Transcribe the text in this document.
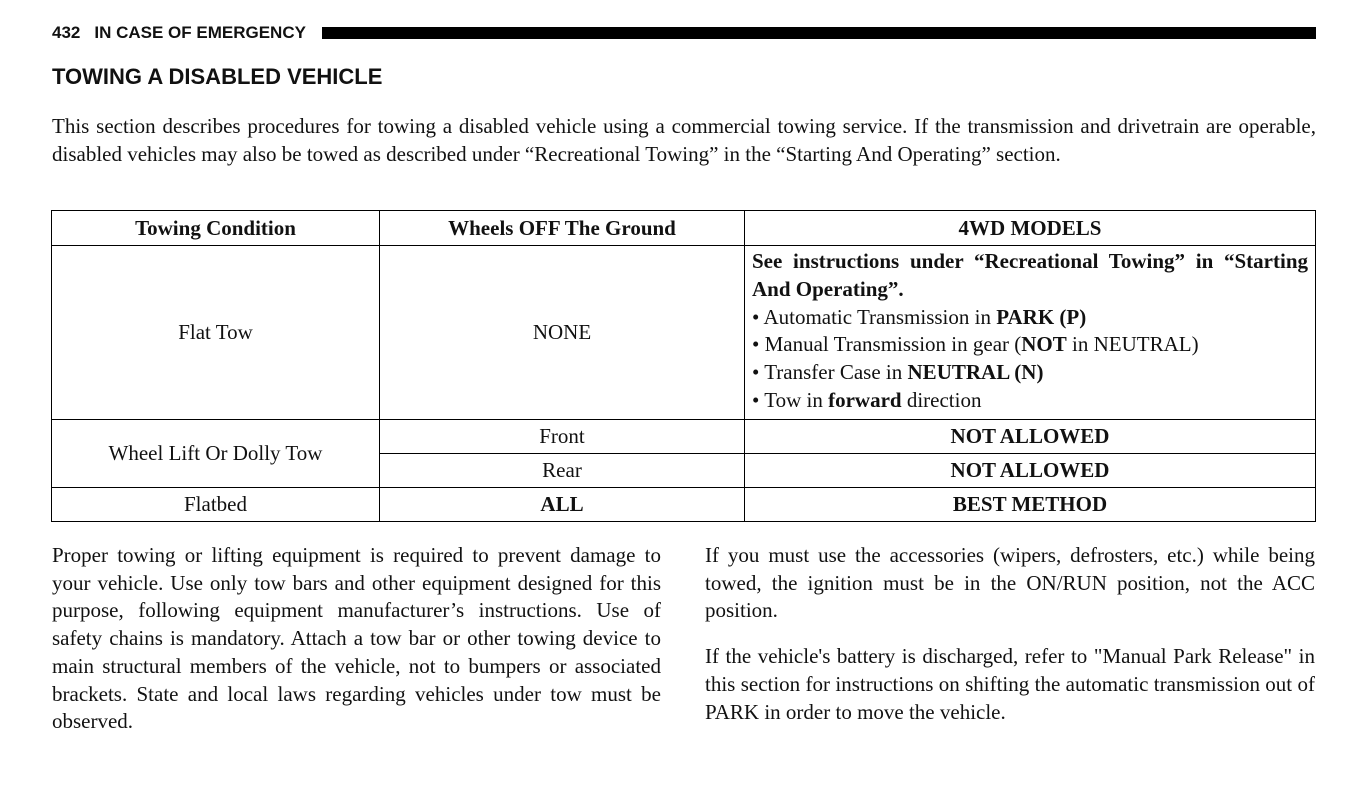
432 IN CASE OF EMERGENCY
TOWING A DISABLED VEHICLE

This section describes procedures for towing a disabled vehicle using a commercial towing service. If the transmission and drivetrain are operable, disabled vehicles may also be towed as described under “Recreational Towing” in the “Starting And Operating” section.

Towing Condition	Wheels OFF The Ground	4WD MODELS
Flat Tow	NONE	See instructions under “Recreational Towing” in “Starting And Operating”.
• Automatic Transmission in PARK (P)
• Manual Transmission in gear (NOT in NEUTRAL)
• Transfer Case in NEUTRAL (N)
• Tow in forward direction

Wheel Lift Or Dolly Tow	Front	NOT ALLOWED
	Rear	NOT ALLOWED
Flatbed	ALL	BEST METHOD

Proper towing or lifting equipment is required to prevent damage to your vehicle. Use only tow bars and other equipment designed for this purpose, following equipment manufacturer’s instructions. Use of safety chains is mandatory. Attach a tow bar or other towing device to main structural members of the vehicle, not to bumpers or associated brackets. State and local laws regarding vehicles under tow must be observed.

If you must use the accessories (wipers, defrosters, etc.) while being towed, the ignition must be in the ON/RUN position, not the ACC position.

If the vehicle's battery is discharged, refer to "Manual Park Release" in this section for instructions on shifting the automatic transmission out of PARK in order to move the vehicle.
